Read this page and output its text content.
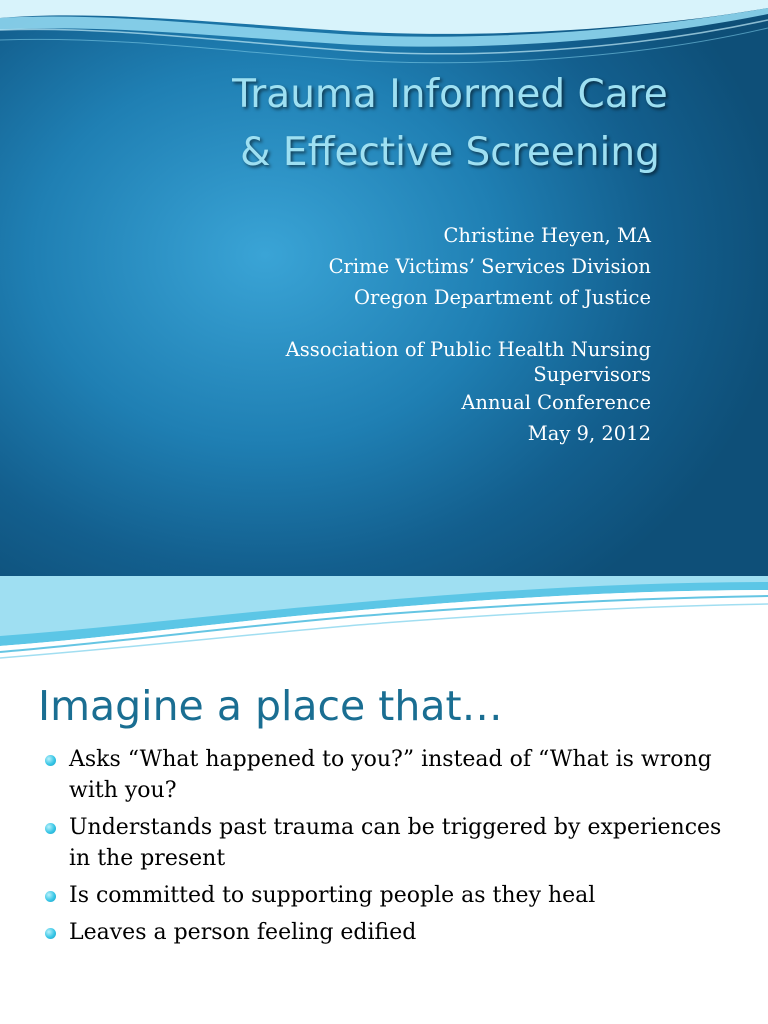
Trauma Informed Care
& Effective Screening
Christine Heyen, MA
Crime Victims’ Services Division
Oregon Department of Justice
Association of Public Health Nursing
Supervisors
Annual Conference
May 9, 2012
Imagine a place that…
Asks “What happened to you?” instead of “What is wrong with you?
Understands past trauma can be triggered by experiences in the present
Is committed to supporting people as they heal
Leaves a person feeling edified
